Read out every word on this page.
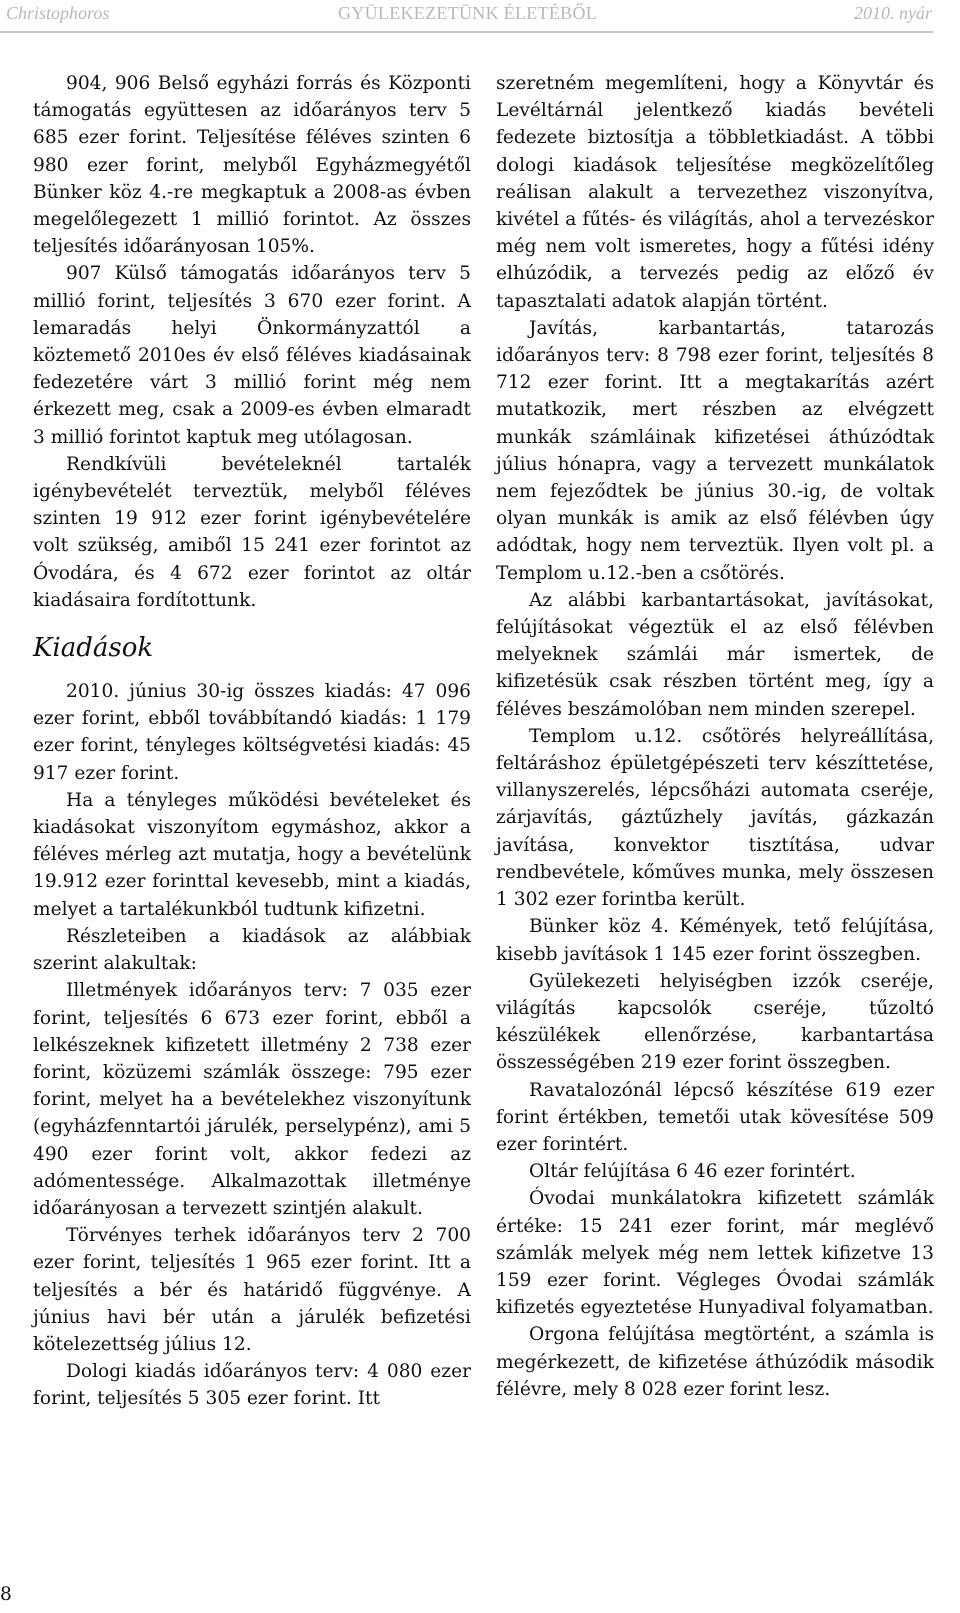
Christophoros	GYÜLEKEZETÜNK ÉLETÉBŐL	2010. nyár

904, 906 Belső egyházi forrás és Központi támogatás együttesen az időarányos terv 5 685 ezer forint. Teljesítése féléves szinten 6 980 ezer forint, melyből Egyházmegyétől Bünker köz 4.-re megkaptuk a 2008-as évben megelőlegezett 1 millió forintot. Az összes teljesítés időarányosan 105%.

907 Külső támogatás időarányos terv 5 millió forint, teljesítés 3 670 ezer forint. A lemaradás helyi Önkormányzattól a köztemető 2010es év első féléves kiadásainak fedezetére várt 3 millió forint még nem érkezett meg, csak a 2009-es évben elmaradt 3 millió forintot kaptuk meg utólagosan.

Rendkívüli bevételeknél tartalék igénybevételét terveztük, melyből féléves szinten 19 912 ezer forint igénybevételére volt szükség, amiből 15 241 ezer forintot az Óvodára, és 4 672 ezer forintot az oltár kiadásaira fordítottunk.

Kiadások

2010. június 30-ig összes kiadás: 47 096 ezer forint, ebből továbbítandó kiadás: 1 179 ezer forint, tényleges költségvetési kiadás: 45 917 ezer forint.

Ha a tényleges működési bevételeket és kiadásokat viszonyítom egymáshoz, akkor a féléves mérleg azt mutatja, hogy a bevételünk 19.912 ezer forinttal kevesebb, mint a kiadás, melyet a tartalékunkból tudtunk kifizetni.

Részleteiben a kiadások az alábbiak szerint alakultak:

Illetmények időarányos terv: 7 035 ezer forint, teljesítés 6 673 ezer forint, ebből a lelkészeknek kifizetett illetmény 2 738 ezer forint, közüzemi számlák összege: 795 ezer forint, melyet ha a bevételekhez viszonyítunk (egyházfenntartói járulék, perselypénz), ami 5 490 ezer forint volt, akkor fedezi az adómentessége. Alkalmazottak illetménye időarányosan a tervezett szintjén alakult.

Törvényes terhek időarányos terv 2 700 ezer forint, teljesítés 1 965 ezer forint. Itt a teljesítés a bér és határidő függvénye. A június havi bér után a járulék befizetési kötelezettség július 12.

Dologi kiadás időarányos terv: 4 080 ezer forint, teljesítés 5 305 ezer forint. Itt

szeretném megemlíteni, hogy a Könyvtár és Levéltárnál jelentkező kiadás bevételi fedezete biztosítja a többletkiadást. A többi dologi kiadások teljesítése megközelítőleg reálisan alakult a tervezethez viszonyítva, kivétel a fűtés- és világítás, ahol a tervezéskor még nem volt ismeretes, hogy a fűtési idény elhúzódik, a tervezés pedig az előző év tapasztalati adatok alapján történt.

Javítás, karbantartás, tatarozás időarányos terv: 8 798 ezer forint, teljesítés 8 712 ezer forint. Itt a megtakarítás azért mutatkozik, mert részben az elvégzett munkák számláinak kifizetései áthúzódtak július hónapra, vagy a tervezett munkálatok nem fejeződtek be június 30.-ig, de voltak olyan munkák is amik az első félévben úgy adódtak, hogy nem terveztük. Ilyen volt pl. a Templom u.12.-ben a csőtörés.

Az alábbi karbantartásokat, javításokat, felújításokat végeztük el az első félévben melyeknek számlái már ismertek, de kifizetésük csak részben történt meg, így a féléves beszámolóban nem minden szerepel.

Templom u.12. csőtörés helyreállítása, feltáráshoz épületgépészeti terv készíttetése, villanyszerelés, lépcsőházi automata cseréje, zárjavítás, gáztűzhely javítás, gázkazán javítása, konvektor tisztítása, udvar rendbevétele, kőműves munka, mely összesen 1 302 ezer forintba került.

Bünker köz 4. Kémények, tető felújítása, kisebb javítások 1 145 ezer forint összegben.

Gyülekezeti helyiségben izzók cseréje, világítás kapcsolók cseréje, tűzoltó készülékek ellenőrzése, karbantartása összességében 219 ezer forint összegben.

Ravatalozónál lépcső készítése 619 ezer forint értékben, temetői utak kövesítése 509 ezer forintért.

Oltár felújítása 6 46 ezer forintért.

Óvodai munkálatokra kifizetett számlák értéke: 15 241 ezer forint, már meglévő számlák melyek még nem lettek kifizetve 13 159 ezer forint. Végleges Óvodai számlák kifizetés egyeztetése Hunyadival folyamatban.

Orgona felújítása megtörtént, a számla is megérkezett, de kifizetése áthúzódik második félévre, mely 8 028 ezer forint lesz.

8
